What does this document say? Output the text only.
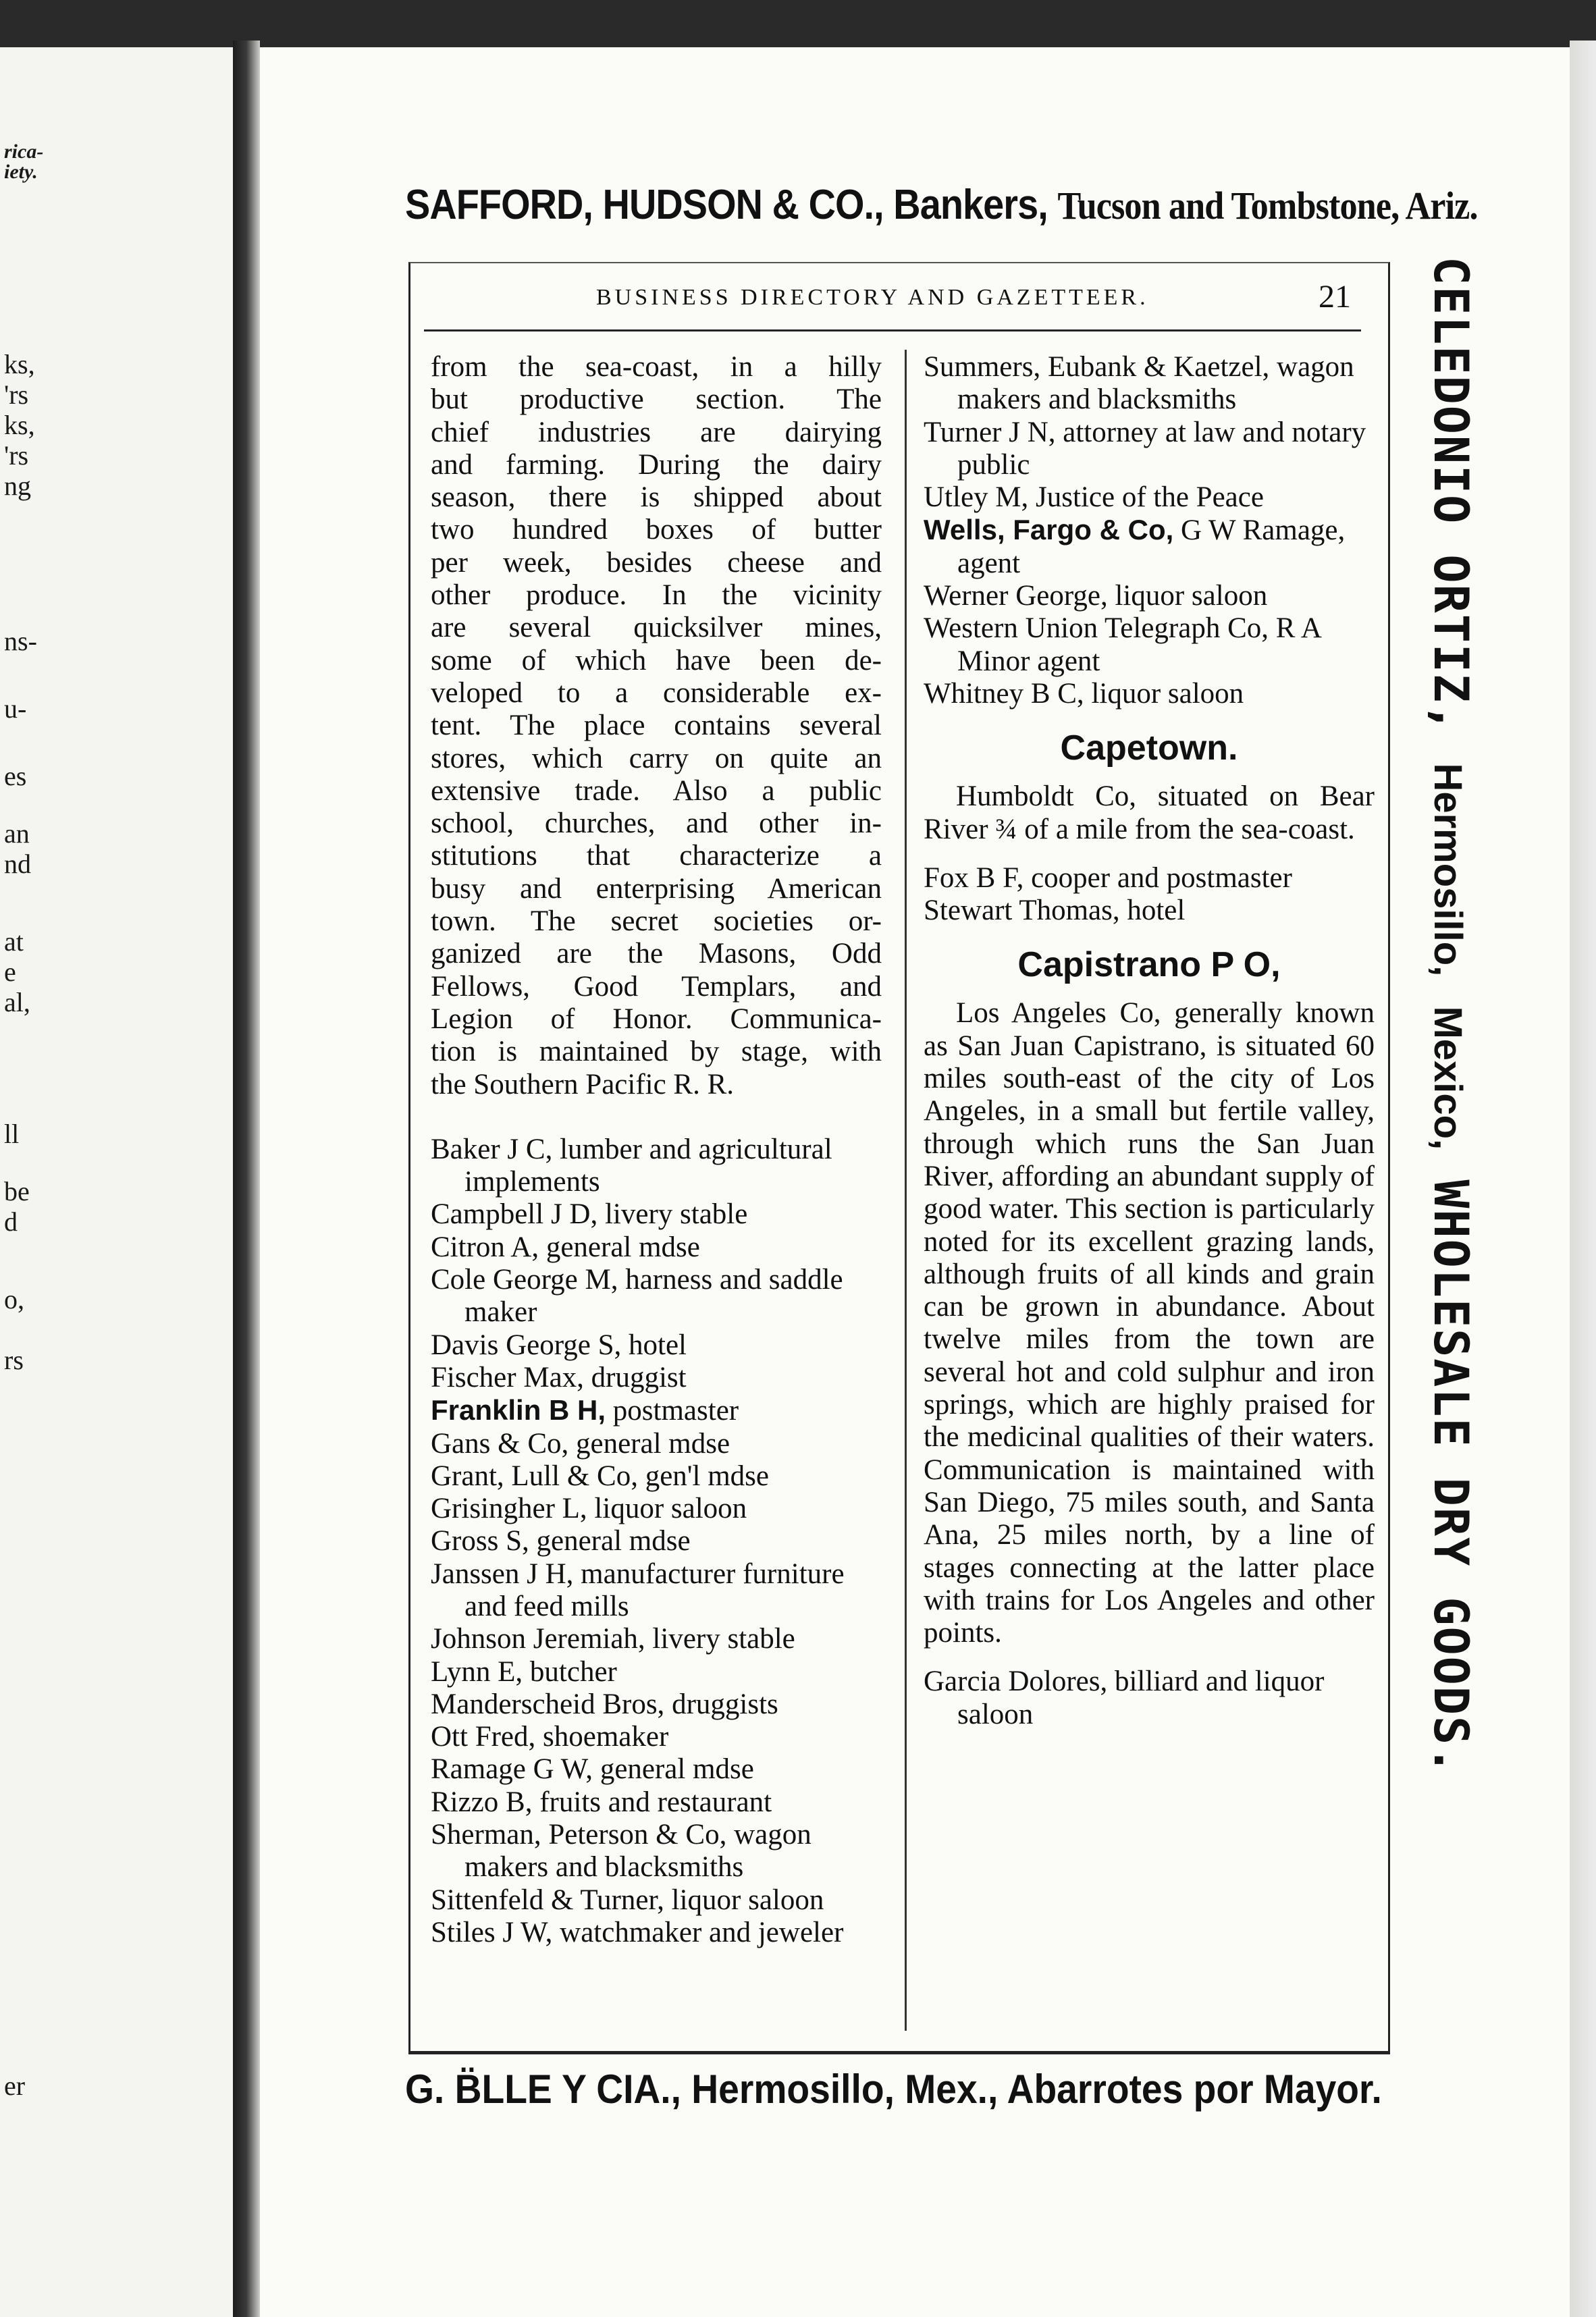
rica-
iety.
ks,
'rs
ks,
'rs
ng
ns-
u-
es
an
nd
at
e
al,
ll
be
d
o,
rs
er
SAFFORD, HUDSON & CO., Bankers, Tucson and Tombstone, Ariz.
BUSINESS DIRECTORY AND GAZETTEER.	21
from the sea-coast, in a hilly
but productive section. The
chief industries are dairying
and farming. During the dairy
season, there is shipped about
two hundred boxes of butter
per week, besides cheese and
other produce. In the vicinity
are several quicksilver mines,
some of which have been de-
veloped to a considerable ex-
tent. The place contains several
stores, which carry on quite an
extensive trade. Also a public
school, churches, and other in-
stitutions that characterize a
busy and enterprising American
town. The secret societies or-
ganized are the Masons, Odd
Fellows, Good Templars, and
Legion of Honor. Communica-
tion is maintained by stage, with
the Southern Pacific R. R.

Baker J C, lumber and agricultural implements

Campbell J D, livery stable

Citron A, general mdse

Cole George M, harness and saddle maker

Davis George S, hotel

Fischer Max, druggist

Franklin B H, postmaster

Gans & Co, general mdse

Grant, Lull & Co, gen'l mdse

Grisingher L, liquor saloon

Gross S, general mdse

Janssen J H, manufacturer furniture and feed mills

Johnson Jeremiah, livery stable

Lynn E, butcher

Manderscheid Bros, druggists

Ott Fred, shoemaker

Ramage G W, general mdse

Rizzo B, fruits and restaurant

Sherman, Peterson & Co, wagon makers and blacksmiths

Sittenfeld & Turner, liquor saloon

Stiles J W, watchmaker and jeweler

Summers, Eubank & Kaetzel, wagon makers and blacksmiths

Turner J N, attorney at law and notary public

Utley M, Justice of the Peace

Wells, Fargo & Co, G W Ramage, agent

Werner George, liquor saloon

Western Union Telegraph Co, R A Minor agent

Whitney B C, liquor saloon

Capetown.

Humboldt Co, situated on Bear River ¾ of a mile from the sea-coast.

Fox B F, cooper and postmaster

Stewart Thomas, hotel

Capistrano P O,

Los Angeles Co, generally known as San Juan Capistrano, is situated 60 miles south-east of the city of Los Angeles, in a small but fertile valley, through which runs the San Juan River, affording an abundant supply of good water. This section is particularly noted for its excellent grazing lands, although fruits of all kinds and grain can be grown in abundance. About twelve miles from the town are several hot and cold sulphur and iron springs, which are highly praised for the medicinal qualities of their waters. Communication is maintained with San Diego, 75 miles south, and Santa Ana, 25 miles north, by a line of stages connecting at the latter place with trains for Los Angeles and other points.

Garcia Dolores, billiard and liquor saloon

CELEDONIO ORTIZ, Hermosillo, Mexico, WHOLESALE DRY GOODS.
G. B̈LLE Y CIA., Hermosillo, Mex., Abarrotes por Mayor.
